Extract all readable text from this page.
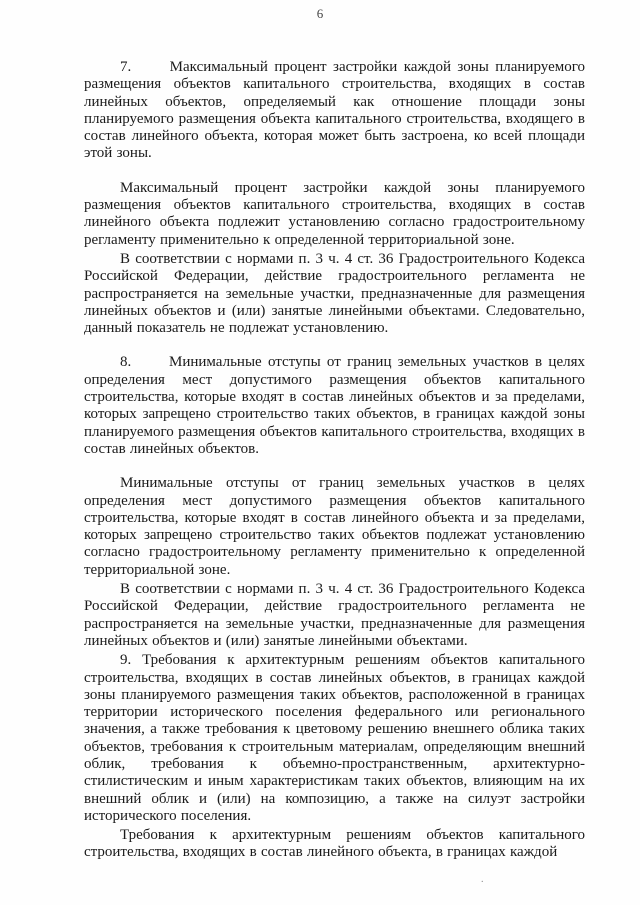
6

7.      Максимальный процент застройки каждой зоны планируемого размещения объектов капитального строительства, входящих в состав линейных объектов, определяемый как отношение площади зоны планируемого размещения объекта капитального строительства, входящего в состав линейного объекта, которая может быть застроена, ко всей площади этой зоны.

Максимальный процент застройки каждой зоны планируемого размещения объектов капитального строительства, входящих в состав линейного объекта подлежит установлению согласно градостроительному регламенту применительно к определенной территориальной зоне.

В соответствии с нормами п. 3 ч. 4 ст. 36 Градостроительного Кодекса Российской Федерации, действие градостроительного регламента не распространяется на земельные участки, предназначенные для размещения линейных объектов и (или) занятые линейными объектами. Следовательно, данный показатель не подлежат установлению.

8.      Минимальные отступы от границ земельных участков в целях определения мест допустимого размещения объектов капитального строительства, которые входят в состав линейных объектов и за пределами, которых запрещено строительство таких объектов, в границах каждой зоны планируемого размещения объектов капитального строительства, входящих в состав линейных объектов.

Минимальные отступы от границ земельных участков в целях определения мест допустимого размещения объектов капитального строительства, которые входят в состав линейного объекта и за пределами, которых запрещено строительство таких объектов подлежат установлению согласно градостроительному регламенту применительно к определенной территориальной зоне.

В соответствии с нормами п. 3 ч. 4 ст. 36 Градостроительного Кодекса Российской Федерации, действие градостроительного регламента не распространяется на земельные участки, предназначенные для размещения линейных объектов и (или) занятые линейными объектами.

9. Требования к архитектурным решениям объектов капитального строительства, входящих в состав линейных объектов, в границах каждой зоны планируемого размещения таких объектов, расположенной в границах территории исторического поселения федерального или регионального значения, а также требования к цветовому решению внешнего облика таких объектов, требования к строительным материалам, определяющим внешний облик, требования к объемно-пространственным, архитектурно-стилистическим и иным характеристикам таких объектов, влияющим на их внешний облик и (или) на композицию, а также на силуэт застройки исторического поселения.

Требования к архитектурным решениям объектов капитального строительства, входящих в состав линейного объекта, в границах каждой

.
